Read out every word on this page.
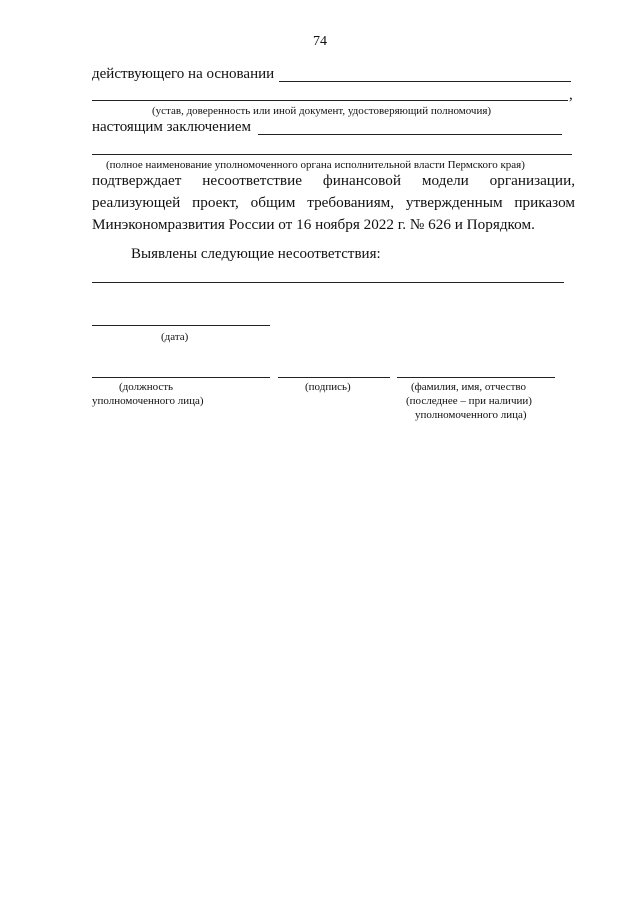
74
действующего на основании
,
(устав, доверенность или иной документ, удостоверяющий полномочия)
настоящим заключением
(полное наименование уполномоченного органа исполнительной власти Пермского края)
подтверждает несоответствие финансовой модели организации,
реализующей проект, общим требованиям, утвержденным приказом
Минэкономразвития России от 16 ноября 2022 г. № 626 и Порядком.
Выявлены следующие несоответствия:
(дата)
(должность
уполномоченного лица)
(подпись)	(фамилия, имя, отчество
(последнее – при наличии)
уполномоченного лица)
